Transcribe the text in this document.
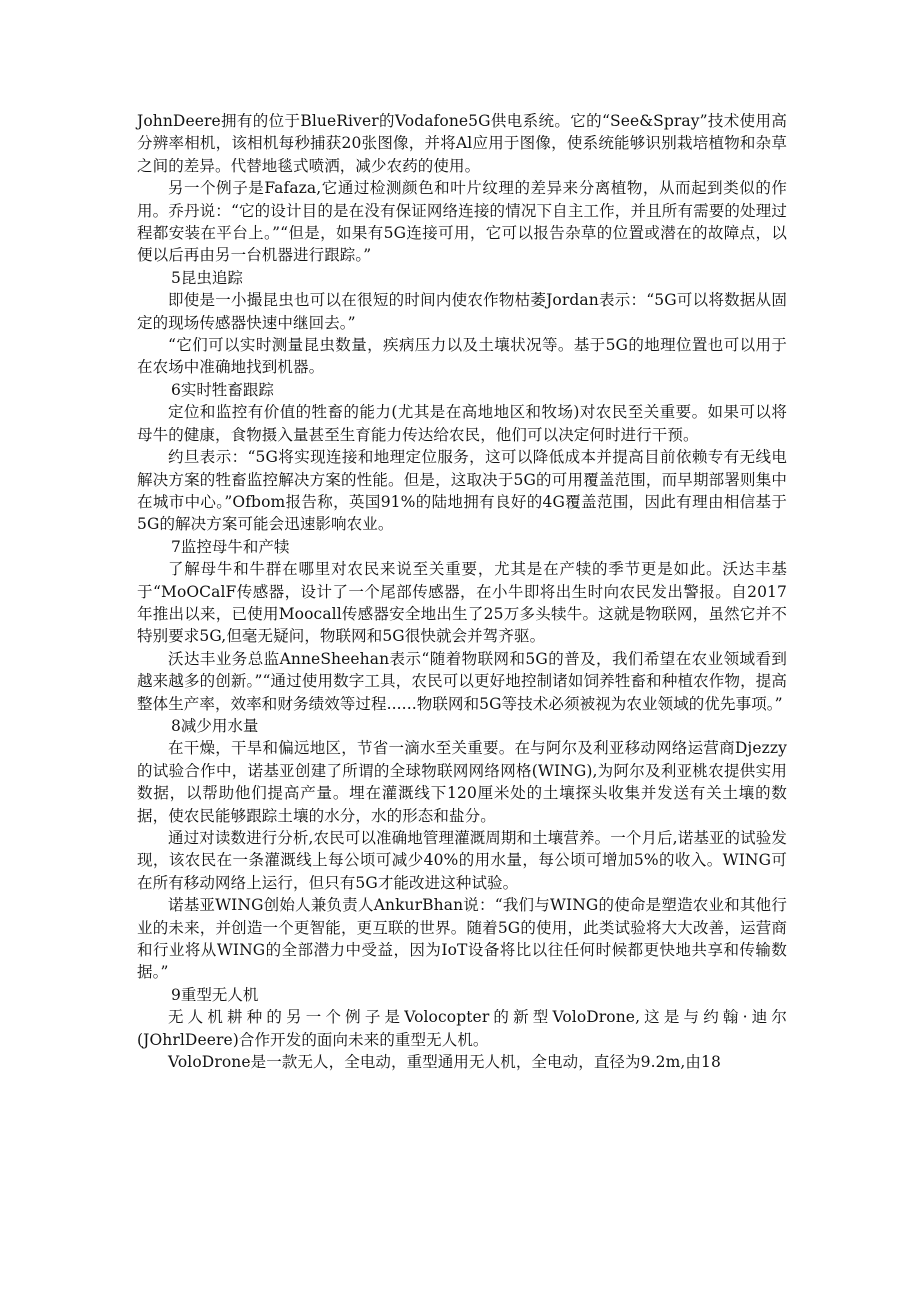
JohnDeere拥有的位于BlueRiver的Vodafone5G供电系统。它的“See&Spray”技术使用高分辨率相机，该相机每秒捕获20张图像，并将Al应用于图像，使系统能够识别栽培植物和杂草之间的差异。代替地毯式喷洒，减少农药的使用。

另一个例子是Fafaza,它通过检测颜色和叶片纹理的差异来分离植物，从而起到类似的作用。乔丹说：“它的设计目的是在没有保证网络连接的情况下自主工作，并且所有需要的处理过程都安装在平台上。”“但是，如果有5G连接可用，它可以报告杂草的位置或潜在的故障点，以便以后再由另一台机器进行跟踪。”

5昆虫追踪

即使是一小撮昆虫也可以在很短的时间内使农作物枯萎Jordan表示：“5G可以将数据从固定的现场传感器快速中继回去。”

“它们可以实时测量昆虫数量，疾病压力以及土壤状况等。基于5G的地理位置也可以用于在农场中准确地找到机器。

6实时牲畜跟踪

定位和监控有价值的牲畜的能力(尤其是在高地地区和牧场)对农民至关重要。如果可以将母牛的健康，食物摄入量甚至生育能力传达给农民，他们可以决定何时进行干预。

约旦表示：“5G将实现连接和地理定位服务，这可以降低成本并提高目前依赖专有无线电解决方案的牲畜监控解决方案的性能。但是，这取决于5G的可用覆盖范围，而早期部署则集中在城市中心。”Ofbom报告称，英国91%的陆地拥有良好的4G覆盖范围，因此有理由相信基于5G的解决方案可能会迅速影响农业。

7监控母牛和产犊

了解母牛和牛群在哪里对农民来说至关重要，尤其是在产犊的季节更是如此。沃达丰基于“MoOCalF传感器，设计了一个尾部传感器，在小牛即将出生时向农民发出警报。自2017年推出以来，已使用Moocall传感器安全地出生了25万多头犊牛。这就是物联网，虽然它并不特别要求5G,但毫无疑问，物联网和5G很快就会并驾齐驱。

沃达丰业务总监AnneSheehan表示“随着物联网和5G的普及，我们希望在农业领域看到越来越多的创新。”“通过使用数字工具，农民可以更好地控制诸如饲养牲畜和种植农作物，提高整体生产率，效率和财务绩效等过程......物联网和5G等技术必须被视为农业领域的优先事项。”

8减少用水量

在干燥，干旱和偏远地区，节省一滴水至关重要。在与阿尔及利亚移动网络运营商Djezzy的试验合作中，诺基亚创建了所谓的全球物联网网络网格(WING),为阿尔及利亚桃农提供实用数据，以帮助他们提高产量。埋在灌溉线下120厘米处的土壤探头收集并发送有关土壤的数据，使农民能够跟踪土壤的水分，水的形态和盐分。

通过对读数进行分析,农民可以准确地管理灌溉周期和土壤营养。一个月后,诺基亚的试验发现，该农民在一条灌溉线上每公顷可减少40%的用水量，每公顷可增加5%的收入。WING可在所有移动网络上运行，但只有5G才能改进这种试验。

诺基亚WING创始人兼负责人AnkurBhan说：“我们与WING的使命是塑造农业和其他行业的未来，并创造一个更智能，更互联的世界。随着5G的使用，此类试验将大大改善，运营商和行业将从WING的全部潜力中受益，因为IoT设备将比以往任何时候都更快地共享和传输数据。”

9重型无人机

无人机耕种的另一个例子是Volocopter的新型VoloDrone,这是与约翰·迪尔(JOhrlDeere)合作开发的面向未来的重型无人机。

VoloDrone是一款无人，全电动，重型通用无人机，全电动，直径为9.2m,由18
